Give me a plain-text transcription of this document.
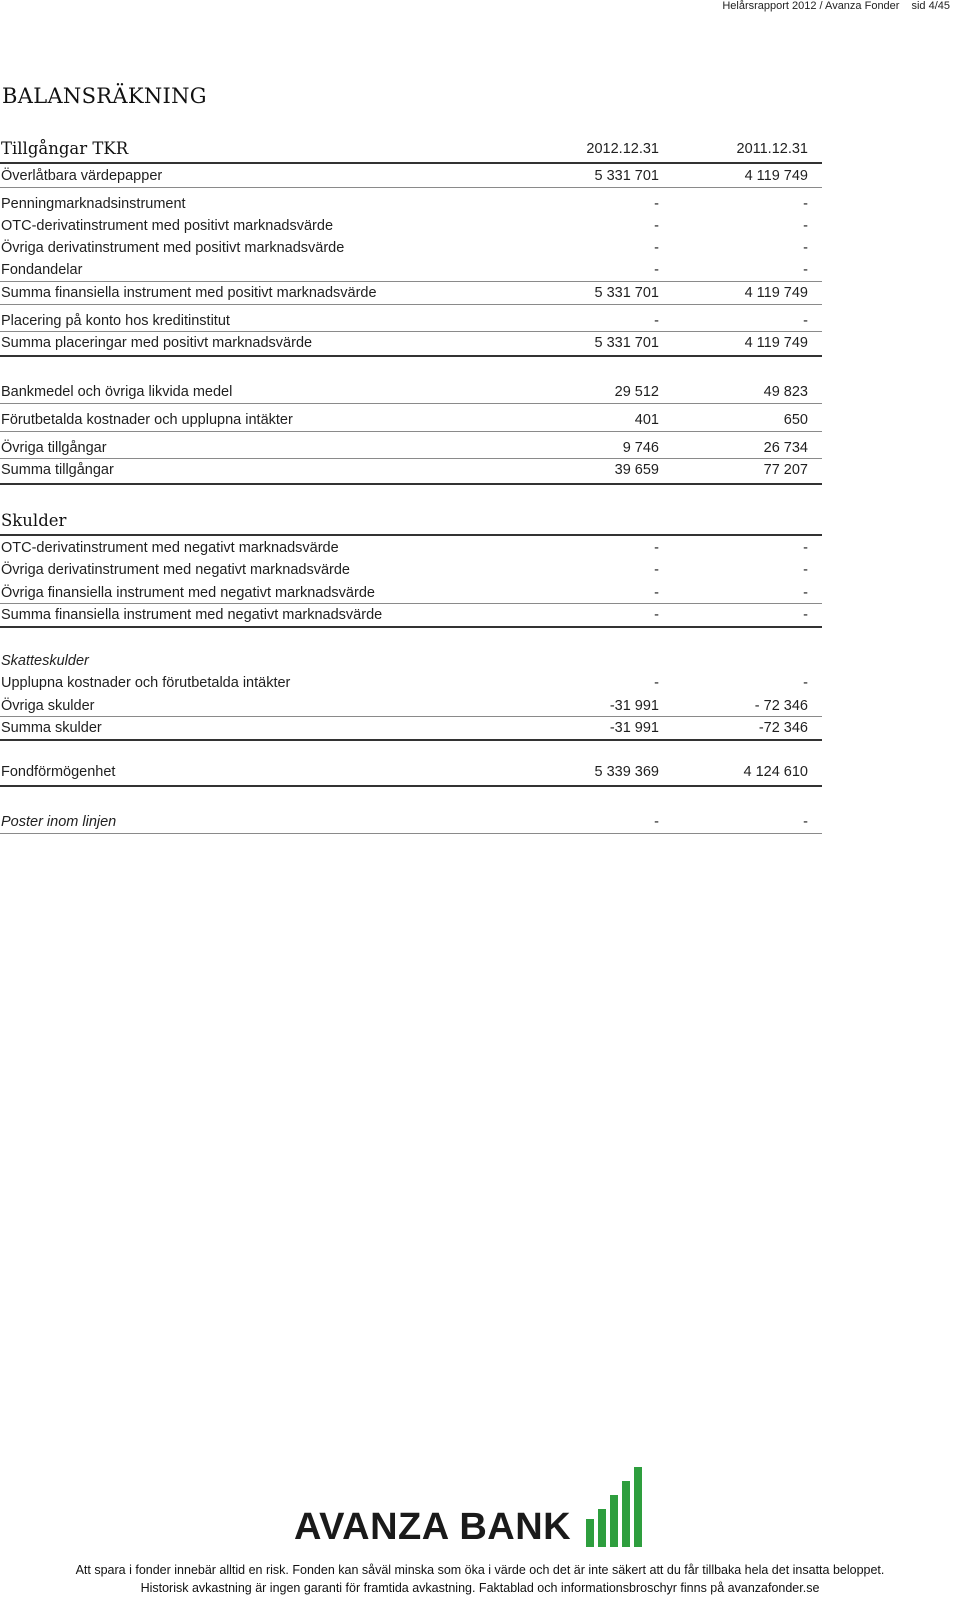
Helårsrapport 2012 / Avanza Fonder sid 4/45
BALANSRÄKNING
Tillgångar TKR	2012.12.31	2011.12.31
Överlåtbara värdepapper	5 331 701	4 119 749
Penningmarknadsinstrument	-	-
OTC-derivatinstrument med positivt marknadsvärde	-	-
Övriga derivatinstrument med positivt marknadsvärde	-	-
Fondandelar	-	-
Summa finansiella instrument med positivt marknadsvärde	5 331 701	4 119 749
Placering på konto hos kreditinstitut	-	-
Summa placeringar med positivt marknadsvärde	5 331 701	4 119 749
Bankmedel och övriga likvida medel	29 512	49 823
Förutbetalda kostnader och upplupna intäkter	401	650
Övriga tillgångar	9 746	26 734
Summa tillgångar	39 659	77 207
Skulder
OTC-derivatinstrument med negativt marknadsvärde	-	-
Övriga derivatinstrument med negativt marknadsvärde	-	-
Övriga finansiella instrument med negativt marknadsvärde	-	-
Summa finansiella instrument med negativt marknadsvärde	-	-
Skatteskulder
Upplupna kostnader och förutbetalda intäkter	-	-
Övriga skulder	-31 991	- 72 346
Summa skulder	-31 991	-72 346
Fondförmögenhet	5 339 369	4 124 610
Poster inom linjen	-	-
AVANZA BANK
Att spara i fonder innebär alltid en risk. Fonden kan såväl minska som öka i värde och det är inte säkert att du får tillbaka hela det insatta beloppet.
Historisk avkastning är ingen garanti för framtida avkastning. Faktablad och informationsbroschyr finns på avanzafonder.se
